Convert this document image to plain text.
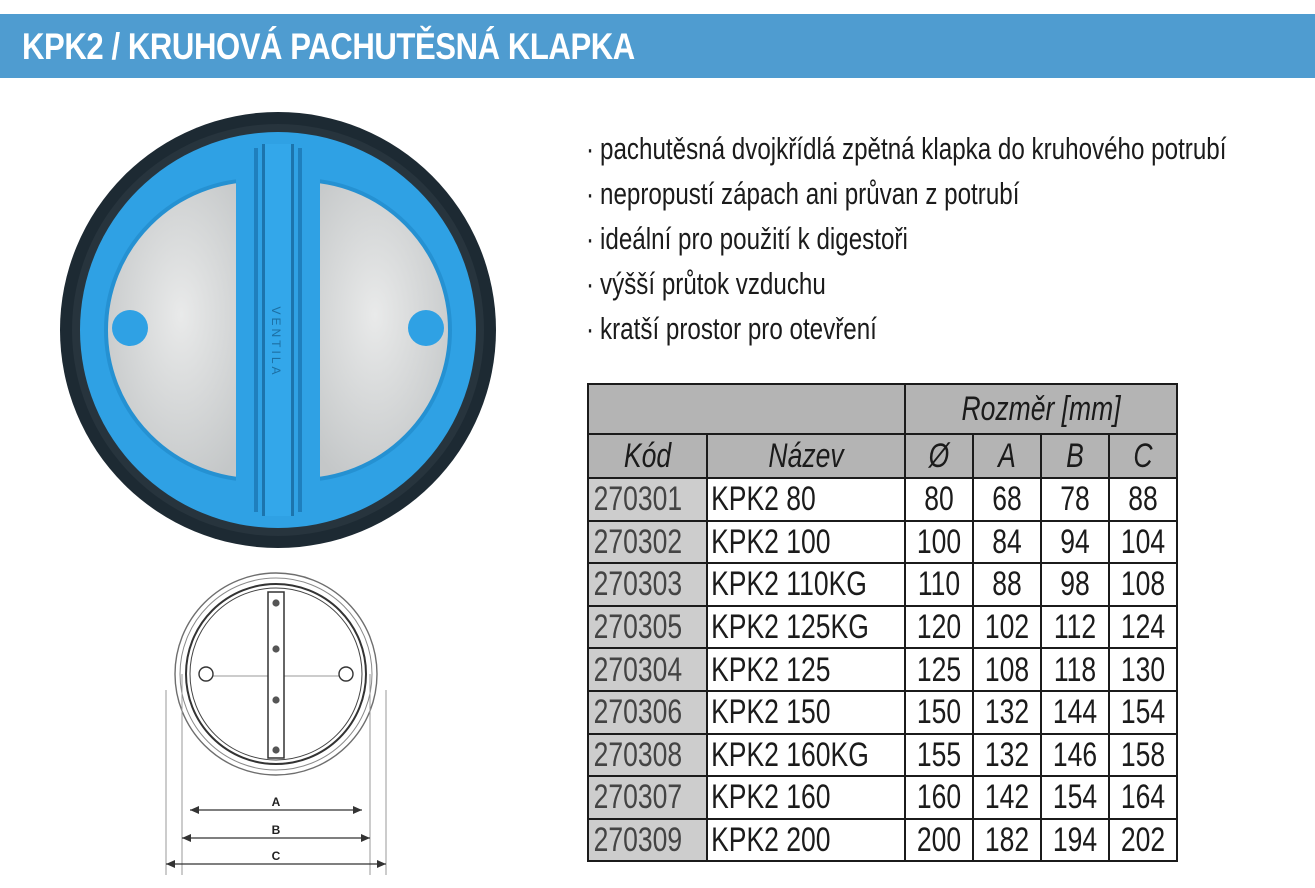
KPK2 / KRUHOVÁ PACHUTĚSNÁ KLAPKA
VENTILA
A
B
C
· pachutěsná dvojkřídlá zpětná klapka do kruhového potrubí
· nepropustí zápach ani průvan z potrubí
· ideální pro použití k digestoři
· výšší průtok vzduchu
· kratší prostor pro otevření

		Rozměr [mm]			

Kód	Název	Ø	A	B	C

270301	KPK2 80	80	68	78	88

270302	KPK2 100	100	84	94	104

270303	KPK2 110KG	110	88	98	108

270305	KPK2 125KG	120	102	112	124

270304	KPK2 125	125	108	118	130

270306	KPK2 150	150	132	144	154

270308	KPK2 160KG	155	132	146	158

270307	KPK2 160	160	142	154	164

270309	KPK2 200	200	182	194	202
